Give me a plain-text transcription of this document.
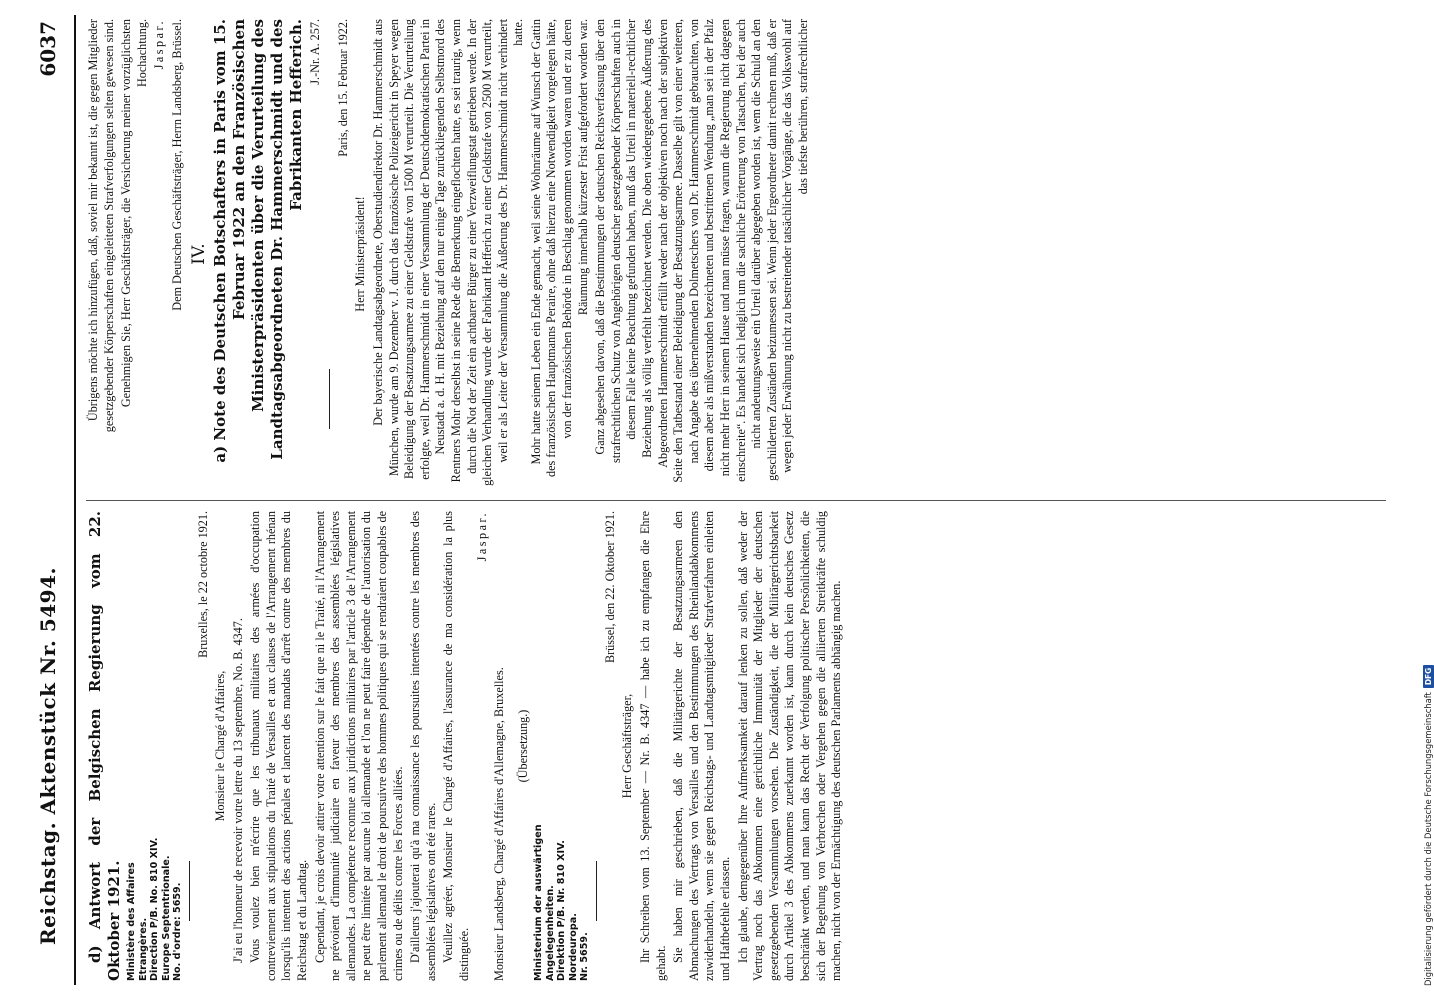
Reichstag. Aktenstück Nr. 5494.
6037

d) Antwort der Belgischen Regierung vom 22. Oktober 1921. Ministère des Affaires Etrangères. Direction P/B. No. 810 XIV. Europe Septentrionale. No. d'ordre: 5659.

Bruxelles, le 22 octobre 1921.

Monsieur le Chargé d'Affaires, J'ai eu l'honneur de recevoir votre lettre du 13 septembre, No. B. 4347. Vous voulez bien m'écrire que les tribunaux militaires des armées d'occupation contreviennent aux stipulations du Traité de Versailles et aux clauses de l'Arrangement rhénan lorsqu'ils intentent des actions pénales et lancent des mandats d'arrêt contre des membres du Reichstag et du Landtag. Cependant, je crois devoir attirer votre attention sur le fait que ni le Traité, ni l'Arrangement ne prévoient d'immunité judiciaire en faveur des membres des assemblées législatives allemandes. La compétence reconnue aux juridictions militaires par l'article 3 de l'Arrangement ne peut être limitée par aucune loi allemande et l'on ne peut faire dépendre de l'autorisation du parlement allemand le droit de poursuivre des hommes politiques qui se rendraient coupables de crimes ou de délits contre les Forces alliées. D'ailleurs j'ajouterai qu'à ma connaissance les poursuites intentées contre les membres des assemblées législatives ont été rares. Veuillez agréer, Monsieur le Chargé d'Affaires, l'assurance de ma considération la plus distinguée.

Jaspar.

Monsieur Landsberg, Chargé d'Affaires d'Allemagne, Bruxelles. (Übersetzung.)

Ministerium der auswärtigen Angelegenheiten. Direktion P/B. Nr. 810 XIV. Nordeuropa. Nr. 5659.

Brüssel, den 22. Oktober 1921.

Herr Geschäftsträger, Ihr Schreiben vom 13. September — Nr. B. 4347 — habe ich zu empfangen die Ehre gehabt.

Sie haben mir geschrieben, daß die Militärgerichte der Besatzungsarmeen den Abmachungen des Vertrags von Versailles und den Bestimmungen des Rheinlandabkommens zuwiderhandeln, wenn sie gegen Reichstags- und Landtagsmitglieder Strafverfahren einleiten und Haftbefehle erlassen. Ich glaube, demgegenüber Ihre Aufmerksamkeit darauf lenken zu sollen, daß weder der Vertrag noch das Abkommen eine gerichtliche Immunität der Mitglieder der deutschen gesetzgebenden Versammlungen vorsehen. Die Zuständigkeit, die der Militärgerichtsbarkeit durch Artikel 3 des Abkommens zuerkannt worden ist, kann durch kein deutsches Gesetz beschränkt werden, und man kann das Recht der Verfolgung politischer Persönlichkeiten, die sich der Begehung von Verbrechen oder Vergehen gegen die alliierten Streitkräfte schuldig machen, nicht von der Ermächtigung des deutschen Parlaments abhängig machen.

Übrigens möchte ich hinzufügen, daß, soviel mir bekannt ist, die gegen Mitglieder gesetzgebender Körperschaften eingeleiteten Strafverfolgungen selten gewesen sind. Genehmigen Sie, Herr Geschäftsträger, die Versicherung meiner vorzüglichsten Hochachtung. Jaspar. Dem Deutschen Geschäftsträger, Herrn Landsberg, Brüssel. IV. a) Note des Deutschen Botschafters in Paris vom 15. Februar 1922 an den Französischen Ministerpräsidenten über die Verurteilung des Landtagsabgeordneten Dr. Hammerschmidt und des Fabrikanten Hefferich. J.-Nr. A. 257. Paris, den 15. Februar 1922.

Herr Ministerpräsident! Der bayerische Landtagsabgeordnete, Oberstudiendirektor Dr. Hammerschmidt aus München, wurde am 9. Dezember v. J. durch das französische Polizeigericht in Speyer wegen Beleidigung der Besatzungsarmee zu einer Geldstrafe von 1500 M verurteilt. Die Verurteilung erfolgte, weil Dr. Hammerschmidt in einer Versammlung der Deutschdemokratischen Partei in Neustadt a. d. H. mit Beziehung auf den nur einige Tage zurückliegenden Selbstmord des Rentners Mohr derselbst in seine Rede die Bemerkung eingeflochten hatte, es sei traurig, wenn durch die Not der Zeit ein achtbarer Bürger zu einer Verzweiflungstat getrieben werde. In der gleichen Verhandlung wurde der Fabrikant Hefferich zu einer Geldstrafe von 2500 M verurteilt, weil er als Leiter der Versammlung die Äußerung des Dr. Hammerschmidt nicht verhindert hatte. Mohr hatte seinem Leben ein Ende gemacht, weil seine Wohnräume auf Wunsch der Gattin des französischen Hauptmanns Peraire, ohne daß hierzu eine Notwendigkeit vorgelegen hätte, von der französischen Behörde in Beschlag genommen worden waren und er zu deren Räumung innerhalb kürzester Frist aufgefordert worden war. Ganz abgesehen davon, daß die Bestimmungen der deutschen Reichsverfassung über den strafrechtlichen Schutz von Angehörigen deutscher gesetzgebender Körperschaften auch in diesem Falle keine Beachtung gefunden haben, muß das Urteil in materiell-rechtlicher Beziehung als völlig verfehlt bezeichnet werden. Die oben wiedergegebene Äußerung des Abgeordneten Hammerschmidt erfüllt weder nach der objektiven noch nach der subjektiven Seite den Tatbestand einer Beleidigung der Besatzungsarmee. Dasselbe gilt von einer weiteren, nach Angabe des übernehmenden Dolmetschers von Dr. Hammerschmidt gebrauchten, von diesem aber als mißverstanden bezeichneten und bestrittenen Wendung „man sei in der Pfalz nicht mehr Herr in seinem Hause und man müsse fragen, warum die Regierung nicht dagegen einschreite“. Es handelt sich lediglich um die sachliche Erörterung von Tatsachen, bei der auch nicht andeutungsweise ein Urteil darüber abgegeben worden ist, wem die Schuld an den geschilderten Zuständen beizumessen sei. Wenn jeder Ergeordneter damit rechnen muß, daß er wegen jeder Erwähnung nicht zu bestreitender tatsächlicher Vorgänge, die das Volkswohl auf das tiefste berühren, strafrechtlicher

Digitalisierung gefördert durch die Deutsche ForschungsgemeinschaftDFG
